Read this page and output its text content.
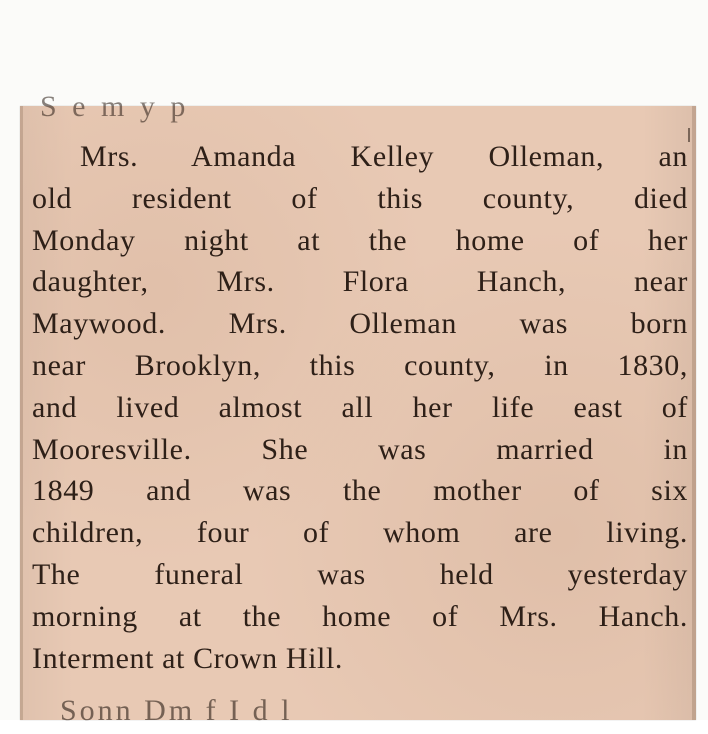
S e m y p
Mrs. Amanda Kelley Olleman, an
old resident of this county, died
Monday night at the home of her
daughter, Mrs. Flora Hanch, near
Maywood. Mrs. Olleman was born
near Brooklyn, this county, in 1830,
and lived almost all her life east of
Mooresville. She was married in
1849 and was the mother of six
children, four of whom are living.
The funeral was held yesterday
morning at the home of Mrs. Hanch.
Interment at Crown Hill.
Sonn Dm f I d l
